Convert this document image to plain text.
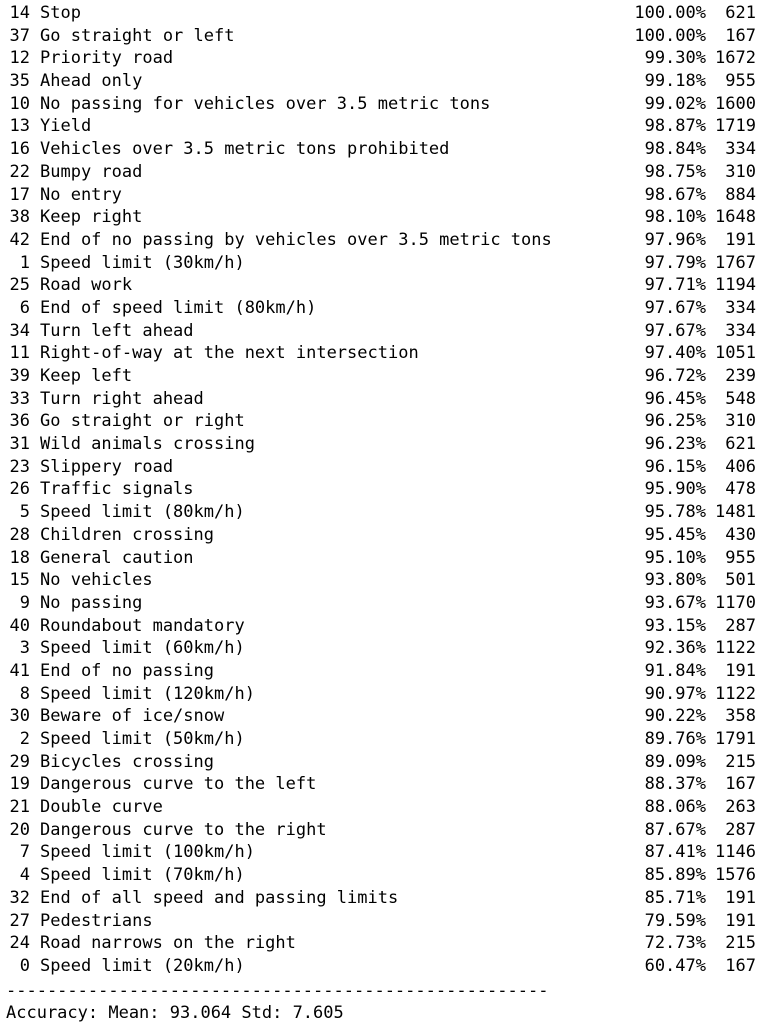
14 Stop	100.00%	621
37 Go straight or left	100.00%	167
12 Priority road	99.30% 1672
35 Ahead only	99.18%	955
10 No passing for vehicles over 3.5 metric tons	99.02% 1600
13 Yield	98.87% 1719
16 Vehicles over 3.5 metric tons prohibited	98.84%	334
22 Bumpy road	98.75%	310
17 No entry	98.67%	884
38 Keep right	98.10% 1648
42 End of no passing by vehicles over 3.5 metric tons	97.96%	191
1 Speed limit (30km/h)	97.79% 1767
25 Road work	97.71% 1194
6 End of speed limit (80km/h)	97.67%	334
34 Turn left ahead	97.67%	334
11 Right-of-way at the next intersection	97.40% 1051
39 Keep left	96.72%	239
33 Turn right ahead	96.45%	548
36 Go straight or right	96.25%	310
31 Wild animals crossing	96.23%	621
23 Slippery road	96.15%	406
26 Traffic signals	95.90%	478
5 Speed limit (80km/h)	95.78% 1481
28 Children crossing	95.45%	430
18 General caution	95.10%	955
15 No vehicles	93.80%	501
9 No passing	93.67% 1170
40 Roundabout mandatory	93.15%	287
3 Speed limit (60km/h)	92.36% 1122
41 End of no passing	91.84%	191
8 Speed limit (120km/h)	90.97% 1122
30 Beware of ice/snow	90.22%	358
2 Speed limit (50km/h)	89.76% 1791
29 Bicycles crossing	89.09%	215
19 Dangerous curve to the left	88.37%	167
21 Double curve	88.06%	263
20 Dangerous curve to the right	87.67%	287
7 Speed limit (100km/h)	87.41% 1146
4 Speed limit (70km/h)	85.89% 1576
32 End of all speed and passing limits	85.71%	191
27 Pedestrians	79.59%	191
24 Road narrows on the right	72.73%	215
0 Speed limit (20km/h)	60.47%	167
-----------------------------------------------------
Accuracy: Mean: 93.064 Std: 7.605
